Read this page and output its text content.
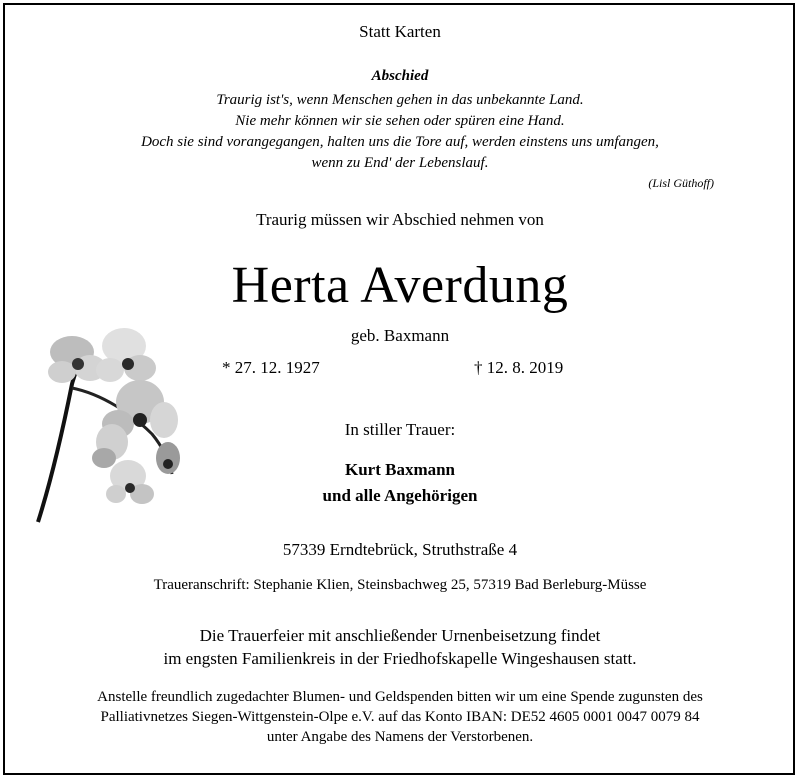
Statt Karten
Abschied
Traurig ist's, wenn Menschen gehen in das unbekannte Land.
Nie mehr können wir sie sehen oder spüren eine Hand.
Doch sie sind vorangegangen, halten uns die Tore auf, werden einstens uns umfangen,
wenn zu End' der Lebenslauf.
(Lisl Güthoff)
Traurig müssen wir Abschied nehmen von
Herta Averdung
geb. Baxmann
* 27. 12. 1927	† 12. 8. 2019
In stiller Trauer:
Kurt Baxmann
und alle Angehörigen
57339 Erndtebrück, Struthstraße 4
Traueranschrift: Stephanie Klien, Steinsbachweg 25, 57319 Bad Berleburg-Müsse
Die Trauerfeier mit anschließender Urnenbeisetzung findet
im engsten Familienkreis in der Friedhofskapelle Wingeshausen statt.
Anstelle freundlich zugedachter Blumen- und Geldspenden bitten wir um eine Spende zugunsten des
Palliativnetzes Siegen-Wittgenstein-Olpe e.V. auf das Konto IBAN: DE52 4605 0001 0047 0079 84
unter Angabe des Namens der Verstorbenen.
